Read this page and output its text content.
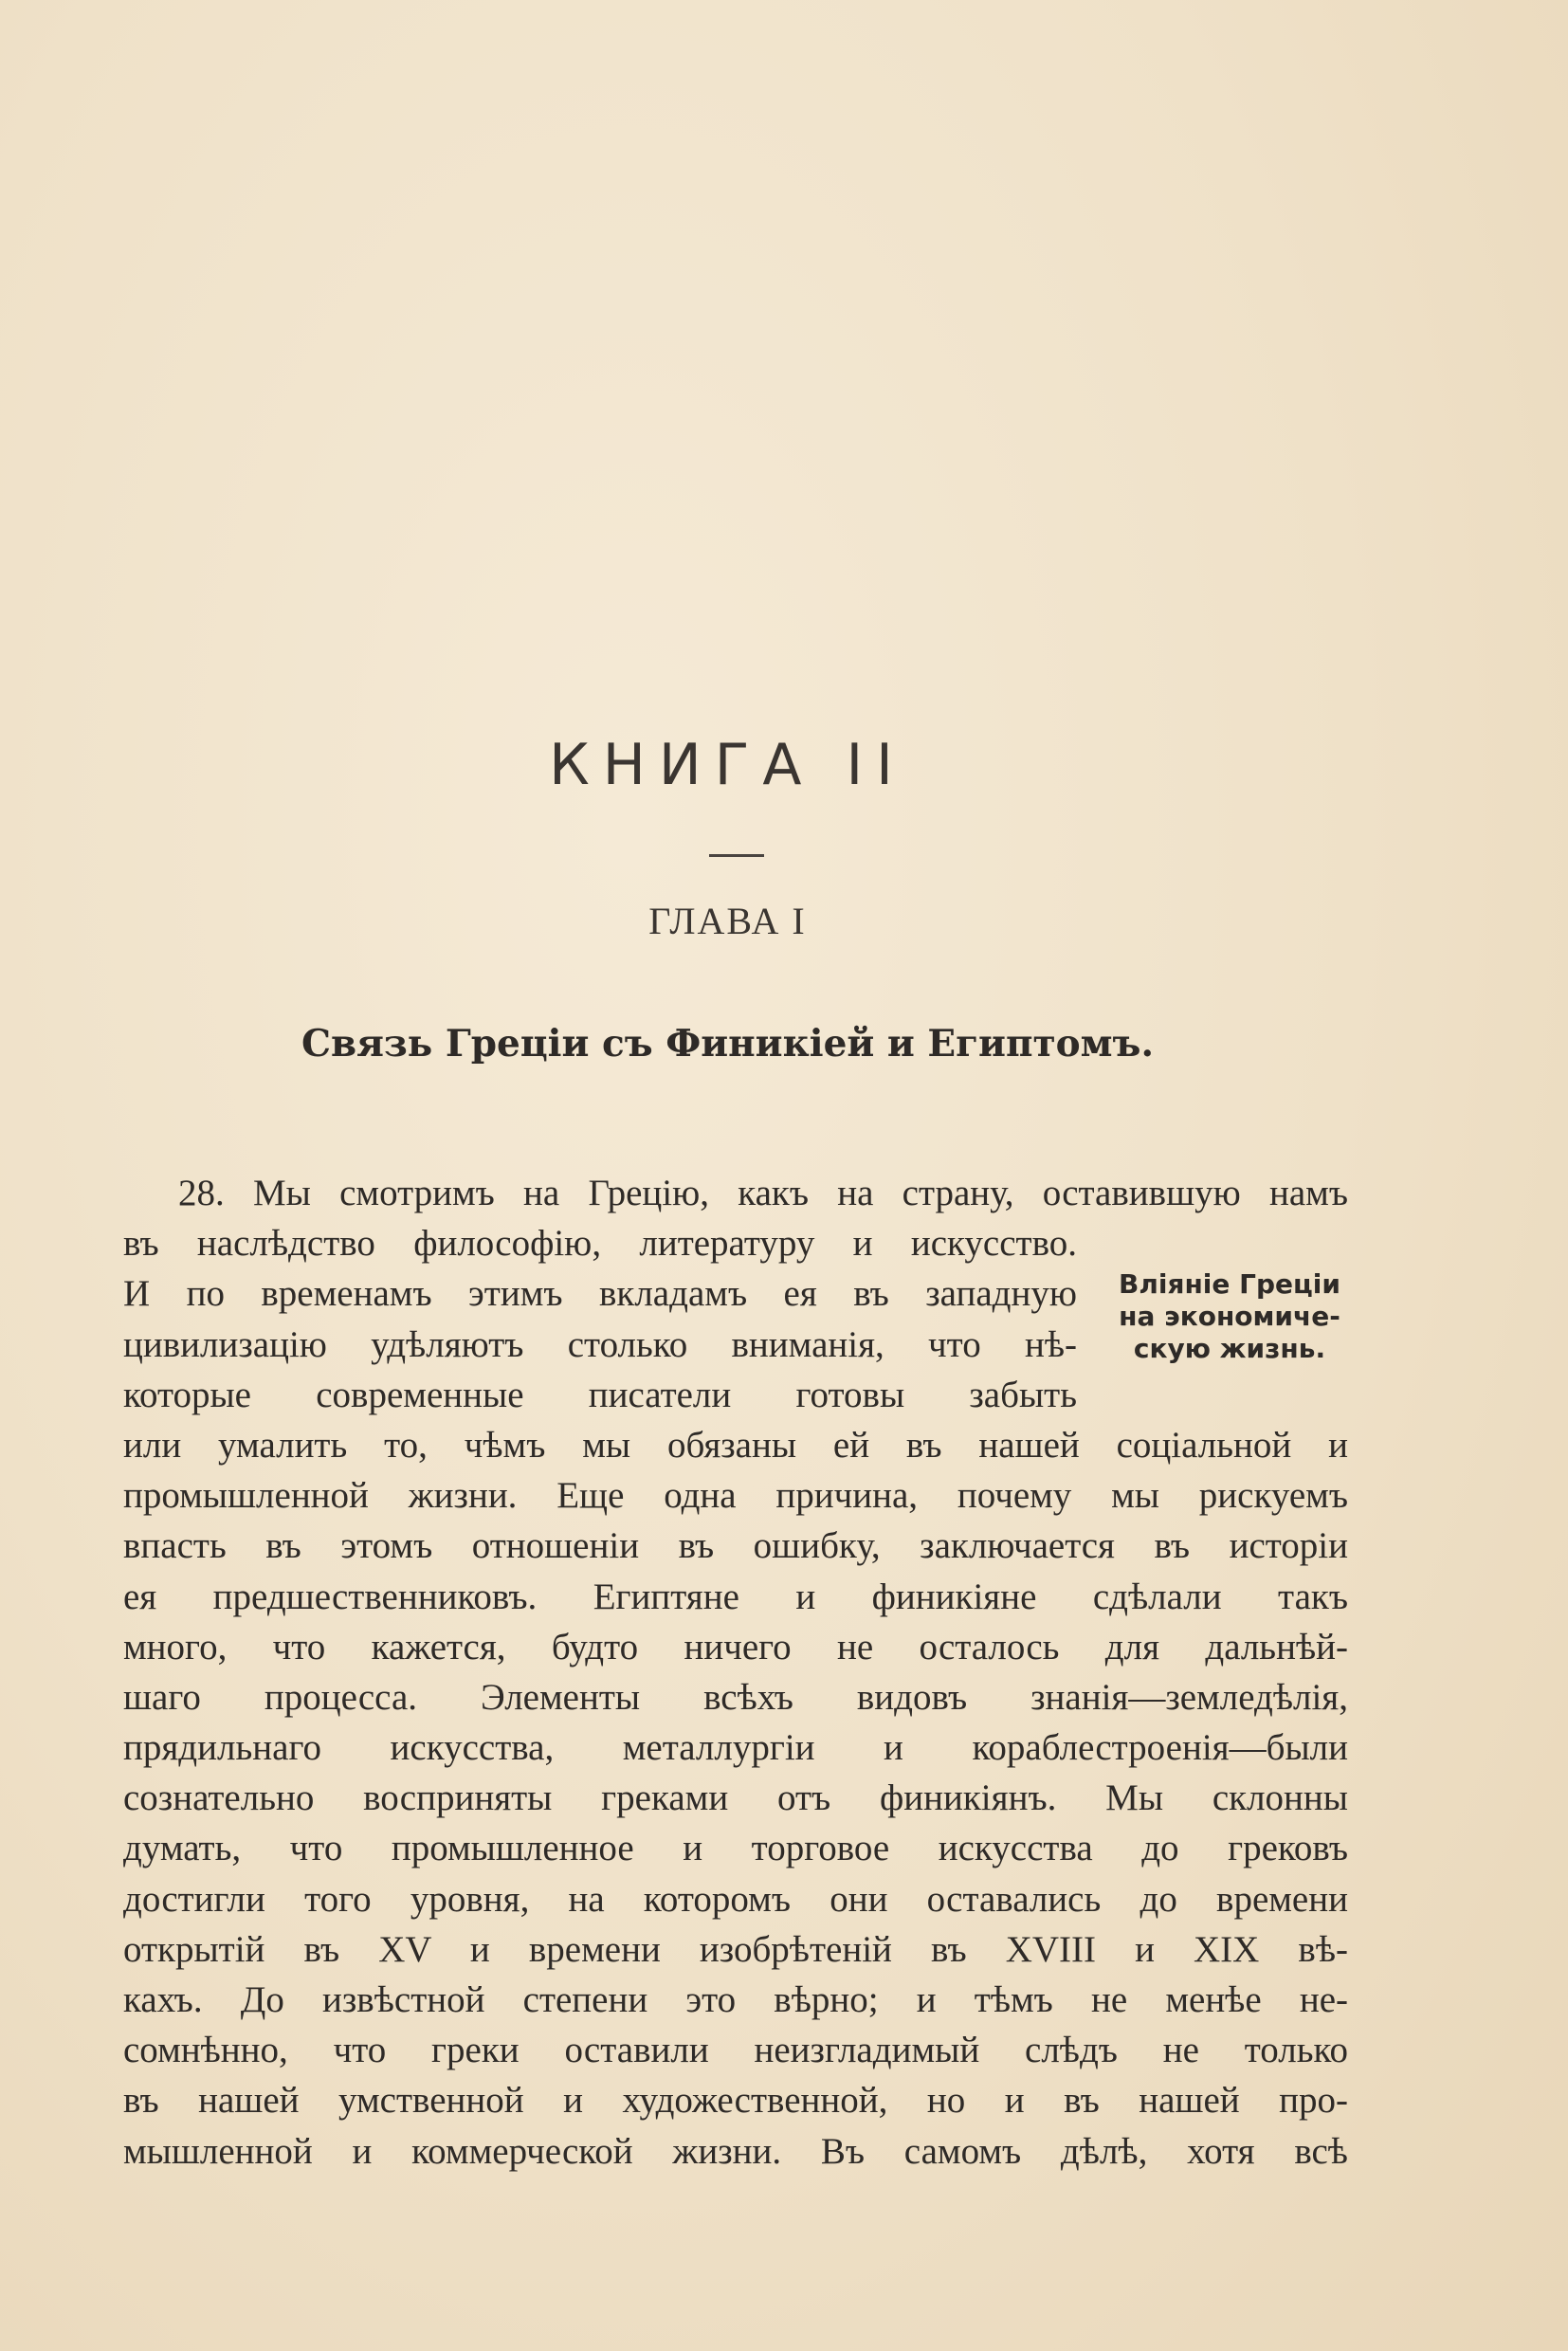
КНИГА II
ГЛАВА I
Связь Греціи съ Финикіей и Египтомъ.
Вліяніе Греціи
на экономиче-
скую жизнь.
28. Мы смотримъ на Грецію, какъ на страну, оставившую намъ
въ наслѣдство философію, литературу и искусство.
И по временамъ этимъ вкладамъ ея въ западную
цивилизацію удѣляютъ столько вниманія, что нѣ-
которые современные писатели готовы забыть
или умалить то, чѣмъ мы обязаны ей въ нашей соціальной и
промышленной жизни. Еще одна причина, почему мы рискуемъ
впасть въ этомъ отношеніи въ ошибку, заключается въ исторіи
ея предшественниковъ. Египтяне и финикіяне сдѣлали такъ
много, что кажется, будто ничего не осталось для дальнѣй-
шаго процесса. Элементы всѣхъ видовъ знанія—земледѣлія,
прядильнаго искусства, металлургіи и кораблестроенія—были
сознательно восприняты греками отъ финикіянъ. Мы склонны
думать, что промышленное и торговое искусства до грековъ
достигли того уровня, на которомъ они оставались до времени
открытій въ XV и времени изобрѣтеній въ XVIII и XIX вѣ-
кахъ. До извѣстной степени это вѣрно; и тѣмъ не менѣе не-
сомнѣнно, что греки оставили неизгладимый слѣдъ не только
въ нашей умственной и художественной, но и въ нашей про-
мышленной и коммерческой жизни. Въ самомъ дѣлѣ, хотя всѣ
